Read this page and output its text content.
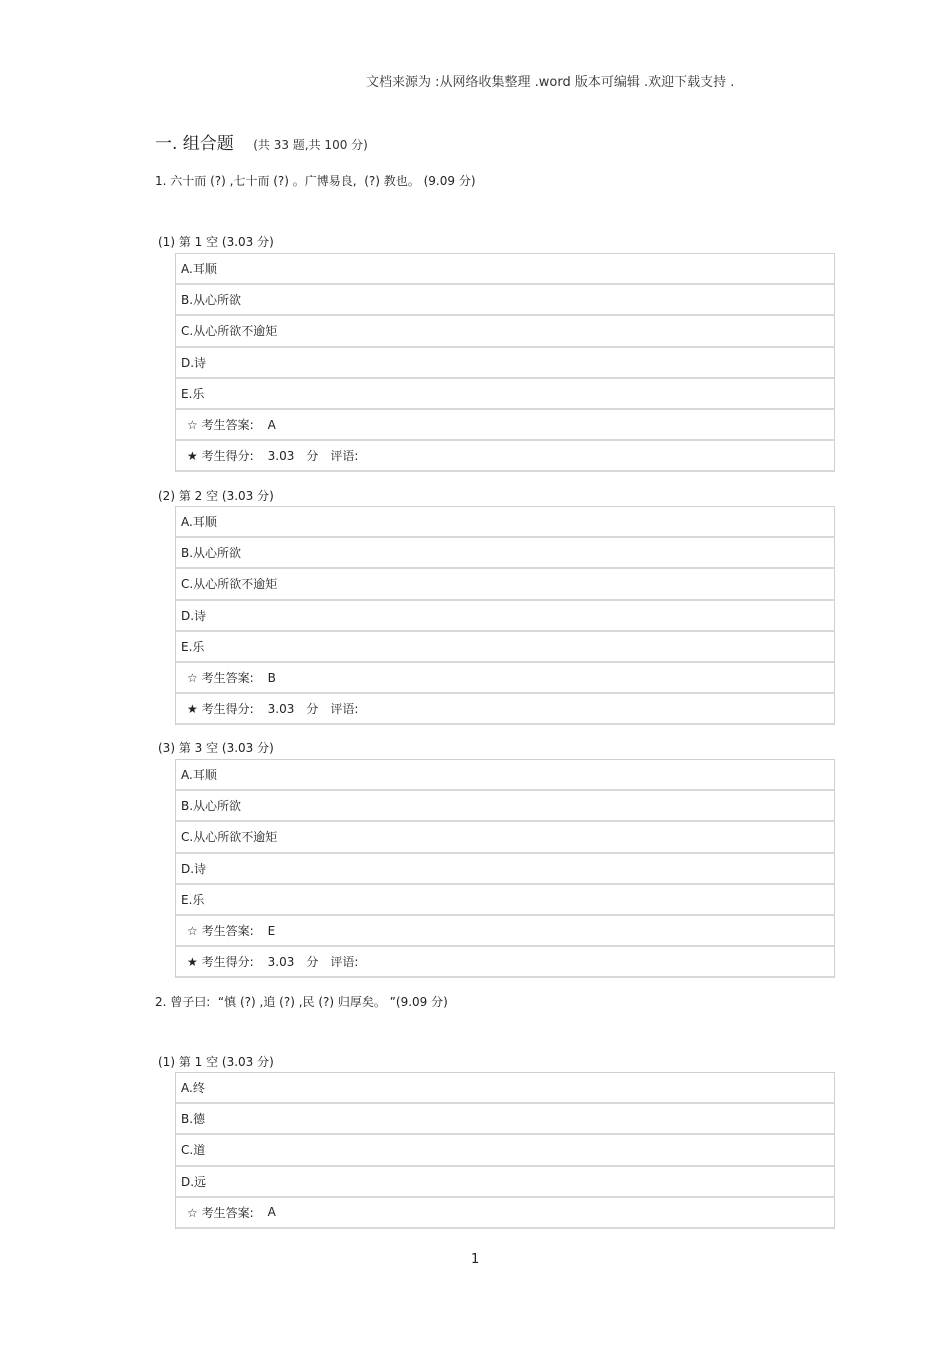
文档来源为 :从网络收集整理 .word 版本可编辑 .欢迎下载支持 .
一. 组合题 (共 33 题,共 100 分)
1. 六十而 (?) ,七十而 (?) 。广博易良,  (?) 教也。 (9.09 分)
(1) 第 1 空 (3.03 分)
A.耳顺
B.从心所欲
C.从心所欲不逾矩
D.诗
E.乐
☆ 考生答案: A
★ 考生得分: 3.03 分 评语:
(2) 第 2 空 (3.03 分)
A.耳顺
B.从心所欲
C.从心所欲不逾矩
D.诗
E.乐
☆ 考生答案: B
★ 考生得分: 3.03 分 评语:
(3) 第 3 空 (3.03 分)
A.耳顺
B.从心所欲
C.从心所欲不逾矩
D.诗
E.乐
☆ 考生答案: E
★ 考生得分: 3.03 分 评语:
2. 曾子曰:  “慎 (?) ,追 (?) ,民 (?) 归厚矣。 ”(9.09 分)
(1) 第 1 空 (3.03 分)
A.终
B.德
C.道
D.远
☆ 考生答案: A
1
